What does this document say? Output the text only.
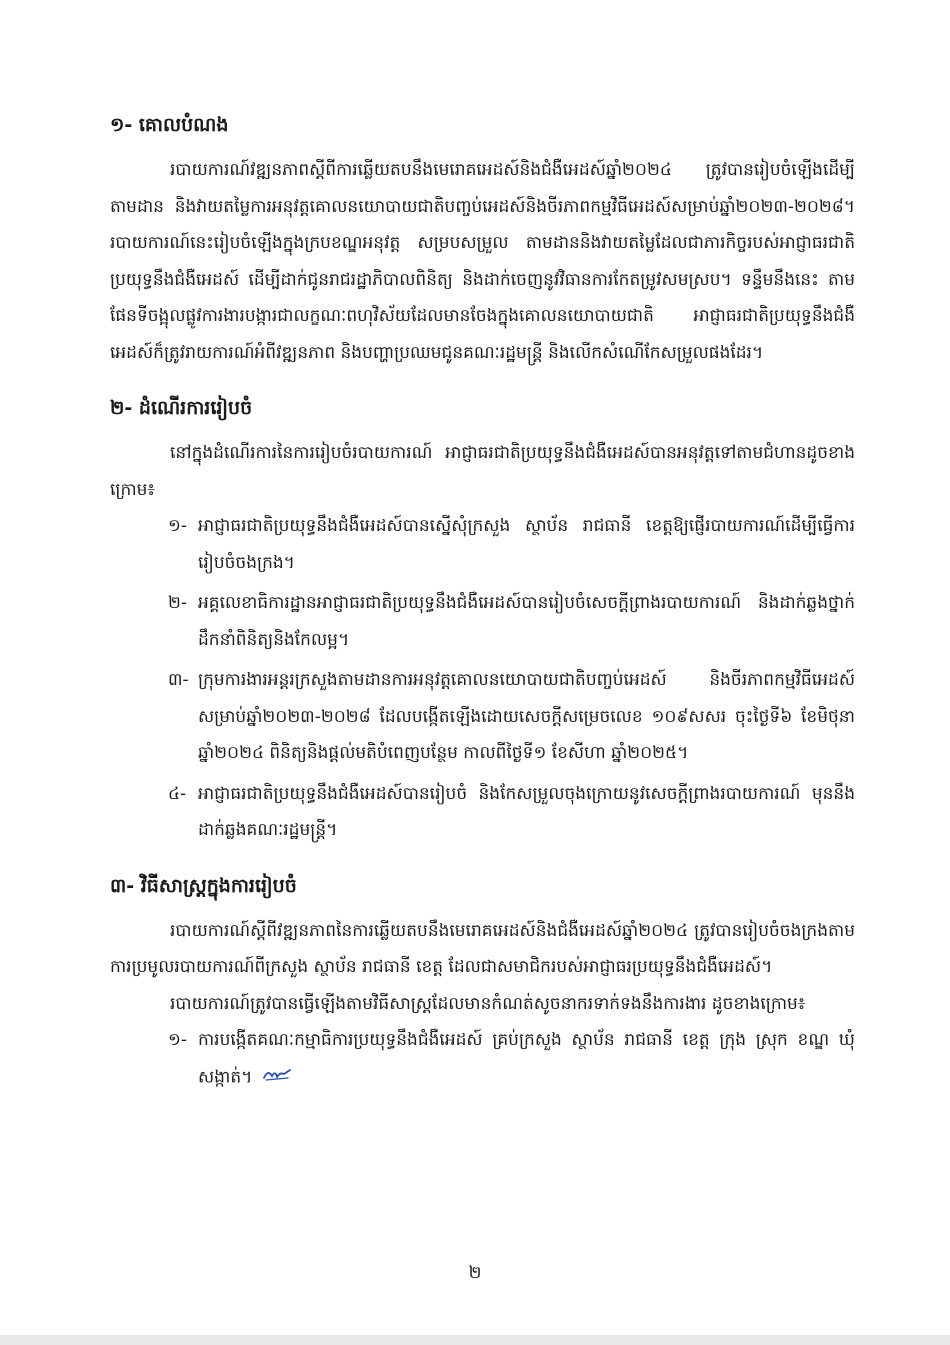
១- គោលបំណង

របាយការណ៍វឌ្ឍនភាពស្តីពីការឆ្លើយតបនឹងមេរោគអេដស៍និងជំងឺអេដស៍ឆ្នាំ២០២៤ ត្រូវបានរៀបចំឡើងដើម្បីតាមដាន និងវាយតម្លៃការអនុវត្តគោលនយោបាយជាតិបញ្ចប់អេដស៍និងចីរភាពកម្មវិធីអេដស៍សម្រាប់ឆ្នាំ២០២៣-២០២៨។ របាយការណ៍នេះរៀបចំឡើងក្នុងក្របខណ្ឌអនុវត្ត សម្របសម្រួល តាមដាននិងវាយតម្លៃដែលជាភារកិច្ចរបស់អាជ្ញាធរជាតិប្រយុទ្ធនឹងជំងឺអេដស៍ ដើម្បីដាក់ជូនរាជរដ្ឋាភិបាលពិនិត្យ និងដាក់ចេញនូវវិធានការកែតម្រូវសមស្រប។ ទន្ទឹមនឹងនេះ តាមផែនទីចង្អុលផ្លូវការងារបង្ការជាលក្ខណៈពហុវិស័យដែលមានចែងក្នុងគោលនយោបាយជាតិ អាជ្ញាធរជាតិប្រយុទ្ធនឹងជំងឺអេដស៍ក៏ត្រូវរាយការណ៍អំពីវឌ្ឍនភាព និងបញ្ហាប្រឈមជូនគណៈរដ្ឋមន្ត្រី និងលើកសំណើកែសម្រួលផងដែរ។

២- ដំណើរការរៀបចំ

នៅក្នុងដំណើរការនៃការរៀបចំរបាយការណ៍ អាជ្ញាធរជាតិប្រយុទ្ធនឹងជំងឺអេដស៍បានអនុវត្តទៅតាមជំហានដូចខាងក្រោម៖

១- អាជ្ញាធរជាតិប្រយុទ្ធនឹងជំងឺអេដស៍បានស្នើសុំក្រសួង ស្ថាប័ន រាជធានី ខេត្តឱ្យផ្ញើរបាយការណ៍ដើម្បីធ្វើការរៀបចំចងក្រង។
២- អគ្គលេខាធិការដ្ឋានអាជ្ញាធរជាតិប្រយុទ្ធនឹងជំងឺអេដស៍បានរៀបចំសេចក្តីព្រាងរបាយការណ៍ និងដាក់ឆ្លងថ្នាក់ដឹកនាំពិនិត្យនិងកែលម្អ។
៣- ក្រុមការងារអន្តរក្រសួងតាមដានការអនុវត្តគោលនយោបាយជាតិបញ្ចប់អេដស៍ និងចីរភាពកម្មវិធីអេដស៍សម្រាប់ឆ្នាំ២០២៣-២០២៨ ដែលបង្កើតឡើងដោយសេចក្តីសម្រេចលេខ ១០៩សសរ ចុះថ្ងៃទី៦ ខែមិថុនា ឆ្នាំ២០២៤ ពិនិត្យនិងផ្តល់មតិបំពេញបន្ថែម កាលពីថ្ងៃទី១ ខែសីហា ឆ្នាំ២០២៥។
៤- អាជ្ញាធរជាតិប្រយុទ្ធនឹងជំងឺអេដស៍បានរៀបចំ និងកែសម្រួលចុងក្រោយនូវសេចក្តីព្រាងរបាយការណ៍ មុននឹងដាក់ឆ្លងគណៈរដ្ឋមន្ត្រី។
៣- វិធីសាស្ត្រក្នុងការរៀបចំ

របាយការណ៍ស្តីពីវឌ្ឍនភាពនៃការឆ្លើយតបនឹងមេរោគអេដស៍និងជំងឺអេដស៍ឆ្នាំ២០២៤ ត្រូវបានរៀបចំចងក្រងតាមការប្រមូលរបាយការណ៍ពីក្រសួង ស្ថាប័ន រាជធានី ខេត្ត ដែលជាសមាជិករបស់អាជ្ញាធរប្រយុទ្ធនឹងជំងឺអេដស៍។

របាយការណ៍ត្រូវបានធ្វើឡើងតាមវិធីសាស្ត្រដែលមានកំណត់សូចនាករទាក់ទងនឹងការងារ ដូចខាងក្រោម៖

១- ការបង្កើតគណៈកម្មាធិការប្រយុទ្ធនឹងជំងឺអេដស៍ គ្រប់ក្រសួង ស្ថាប័ន រាជធានី ខេត្ត ក្រុង ស្រុក ខណ្ឌ ឃុំ សង្កាត់។
២
